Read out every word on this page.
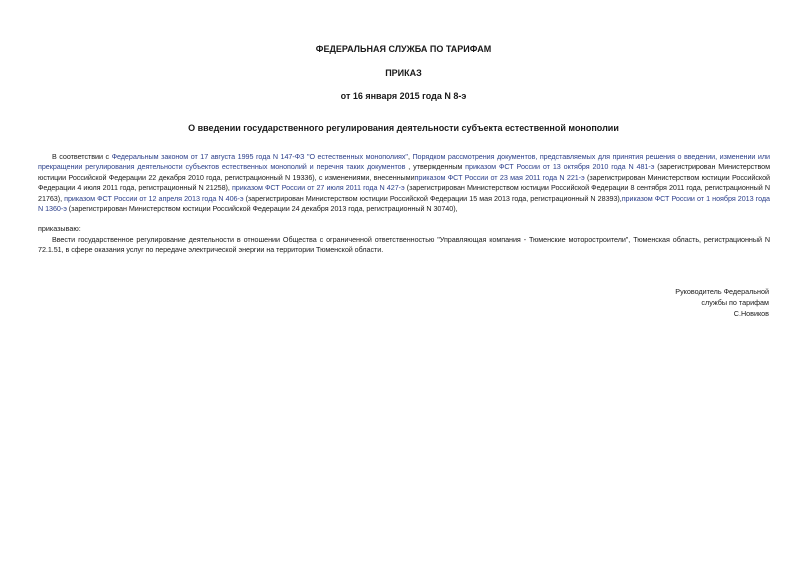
ФЕДЕРАЛЬНАЯ СЛУЖБА ПО ТАРИФАМ
ПРИКАЗ
от 16 января 2015 года N 8-э
О введении государственного регулирования деятельности субъекта естественной монополии
В соответствии с Федеральным законом от 17 августа 1995 года N 147-ФЗ "О естественных монополиях", Порядком рассмотрения документов, представляемых для принятия решения о введении, изменении или прекращении регулирования деятельности субъектов естественных монополий и перечня таких документов , утвержденным приказом ФСТ России от 13 октября 2010 года N 481-э (зарегистрирован Министерством юстиции Российской Федерации 22 декабря 2010 года, регистрационный N 19336), с изменениями, внесеннымиприказом ФСТ России от 23 мая 2011 года N 221-э (зарегистрирован Министерством юстиции Российской Федерации 4 июля 2011 года, регистрационный N 21258), приказом ФСТ России от 27 июля 2011 года N 427-э (зарегистрирован Министерством юстиции Российской Федерации 8 сентября 2011 года, регистрационный N 21763), приказом ФСТ России от 12 апреля 2013 года N 406-э (зарегистрирован Министерством юстиции Российской Федерации 15 мая 2013 года, регистрационный N 28393),приказом ФСТ России от 1 ноября 2013 года N 1360-э (зарегистрирован Министерством юстиции Российской Федерации 24 декабря 2013 года, регистрационный N 30740),
приказываю:
Ввести государственное регулирование деятельности в отношении Общества с ограниченной ответственностью "Управляющая компания - Тюменские моторостроители", Тюменская область, регистрационный N 72.1.51, в сфере оказания услуг по передаче электрической энергии на территории Тюменской области.
Руководитель Федеральной
службы по тарифам
С.Новиков
